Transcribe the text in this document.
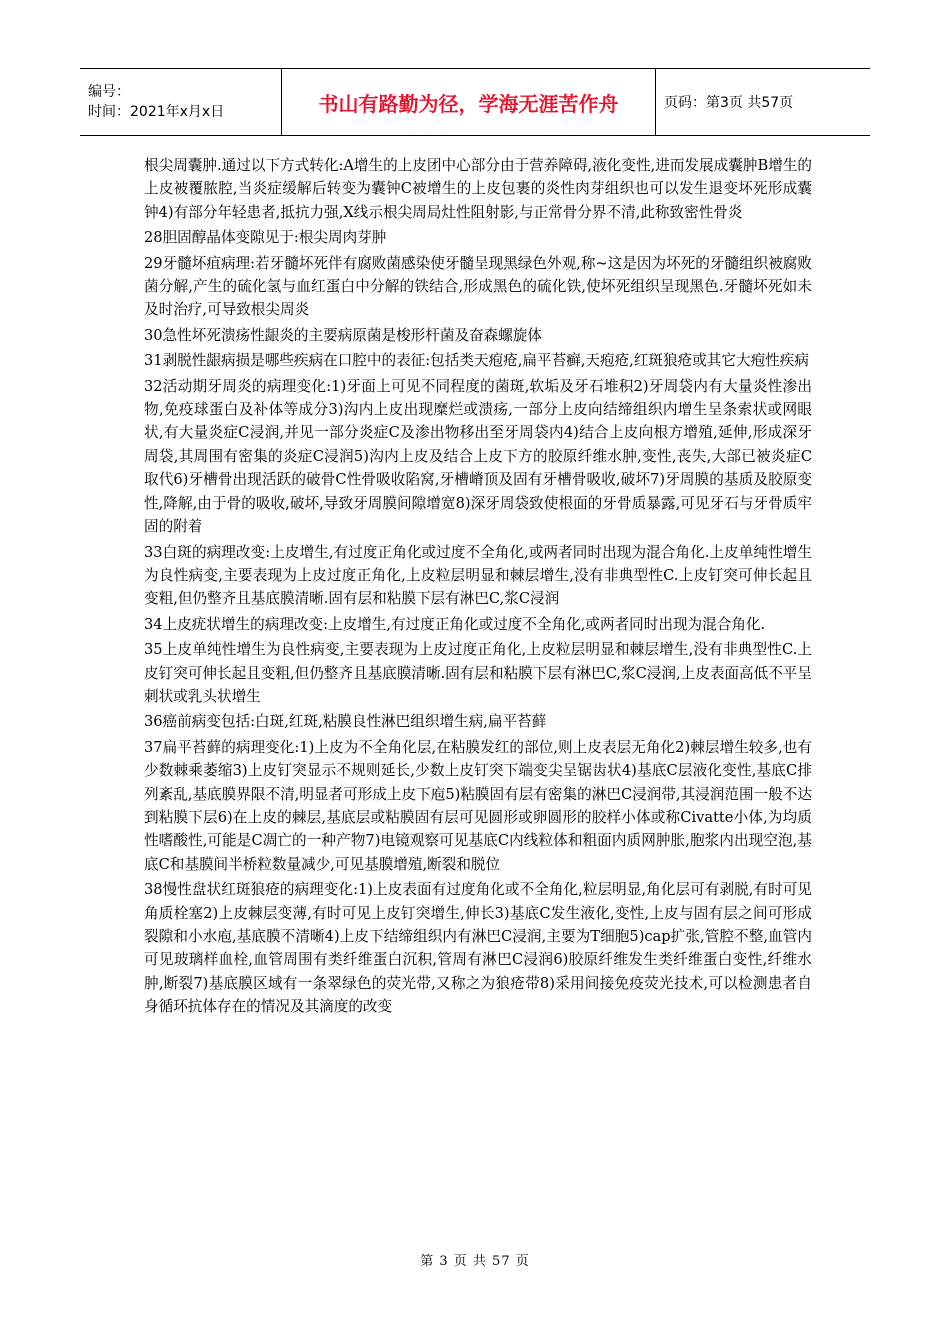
编号：
时间：2021年x月x日	书山有路勤为径，学海无涯苦作舟	页码：第3页 共57页

根尖周囊肿.通过以下方式转化:A增生的上皮团中心部分由于营养障碍,液化变性,进而发展成囊肿B增生的上皮被覆脓腔,当炎症缓解后转变为囊钟C被增生的上皮包裹的炎性肉芽组织也可以发生退变坏死形成囊钟4)有部分年轻患者,抵抗力强,X线示根尖周局灶性阻射影,与正常骨分界不清,此称致密性骨炎

28胆固醇晶体变隙见于:根尖周肉芽肿

29牙髓坏疽病理:若牙髓坏死伴有腐败菌感染使牙髓呈现黑绿色外观,称~这是因为坏死的牙髓组织被腐败菌分解,产生的硫化氢与血红蛋白中分解的铁结合,形成黑色的硫化铁,使坏死组织呈现黑色.牙髓坏死如未及时治疗,可导致根尖周炎

30急性坏死溃疡性龈炎的主要病原菌是梭形杆菌及奋森螺旋体

31剥脱性龈病损是哪些疾病在口腔中的表征:包括类天疱疮,扁平苔癣,天疱疮,红斑狼疮或其它大疱性疾病

32活动期牙周炎的病理变化:1)牙面上可见不同程度的菌斑,软垢及牙石堆积2)牙周袋内有大量炎性渗出物,免疫球蛋白及补体等成分3)沟内上皮出现糜烂或溃疡,一部分上皮向结缔组织内增生呈条索状或网眼状,有大量炎症C浸润,并见一部分炎症C及渗出物移出至牙周袋内4)结合上皮向根方增殖,延伸,形成深牙周袋,其周围有密集的炎症C浸润5)沟内上皮及结合上皮下方的胶原纤维水肿,变性,丧失,大部已被炎症C取代6)牙槽骨出现活跃的破骨C性骨吸收陷窝,牙槽嵴顶及固有牙槽骨吸收,破坏7)牙周膜的基质及胶原变性,降解,由于骨的吸收,破坏,导致牙周膜间隙增宽8)深牙周袋致使根面的牙骨质暴露,可见牙石与牙骨质牢固的附着

33白斑的病理改变:上皮增生,有过度正角化或过度不全角化,或两者同时出现为混合角化.上皮单纯性增生为良性病变,主要表现为上皮过度正角化,上皮粒层明显和棘层增生,没有非典型性C.上皮钉突可伸长起且变粗,但仍整齐且基底膜清晰.固有层和粘膜下层有淋巴C,浆C浸润

34上皮疣状增生的病理改变:上皮增生,有过度正角化或过度不全角化,或两者同时出现为混合角化.

35上皮单纯性增生为良性病变,主要表现为上皮过度正角化,上皮粒层明显和棘层增生,没有非典型性C.上皮钉突可伸长起且变粗,但仍整齐且基底膜清晰.固有层和粘膜下层有淋巴C,浆C浸润,上皮表面高低不平呈刺状或乳头状增生

36癌前病变包括:白斑,红斑,粘膜良性淋巴组织增生病,扁平苔藓

37扁平苔藓的病理变化:1)上皮为不全角化层,在粘膜发红的部位,则上皮表层无角化2)棘层增生较多,也有少数棘乘萎缩3)上皮钉突显示不规则延长,少数上皮钉突下端变尖呈锯齿状4)基底C层液化变性,基底C排列紊乱,基底膜界限不清,明显者可形成上皮下庖5)粘膜固有层有密集的淋巴C浸润带,其浸润范围一般不达到粘膜下层6)在上皮的棘层,基底层或粘膜固有层可见圆形或卵圆形的胶样小体或称Civatte小体,为均质性嗜酸性,可能是C凋亡的一种产物7)电镜观察可见基底C内线粒体和粗面内质网肿胀,胞浆内出现空泡,基底C和基膜间半桥粒数量减少,可见基膜增殖,断裂和脱位

38慢性盘状红斑狼疮的病理变化:1)上皮表面有过度角化或不全角化,粒层明显,角化层可有剥脱,有时可见角质栓塞2)上皮棘层变薄,有时可见上皮钉突增生,伸长3)基底C发生液化,变性,上皮与固有层之间可形成裂隙和小水庖,基底膜不清晰4)上皮下结缔组织内有淋巴C浸润,主要为T细胞5)cap扩张,管腔不整,血管内可见玻璃样血栓,血管周围有类纤维蛋白沉积,管周有淋巴C浸润6)胶原纤维发生类纤维蛋白变性,纤维水肿,断裂7)基底膜区域有一条翠绿色的荧光带,又称之为狼疮带8)采用间接免疫荧光技术,可以检测患者自身循环抗体存在的情况及其滴度的改变

第 3 页 共 57 页
